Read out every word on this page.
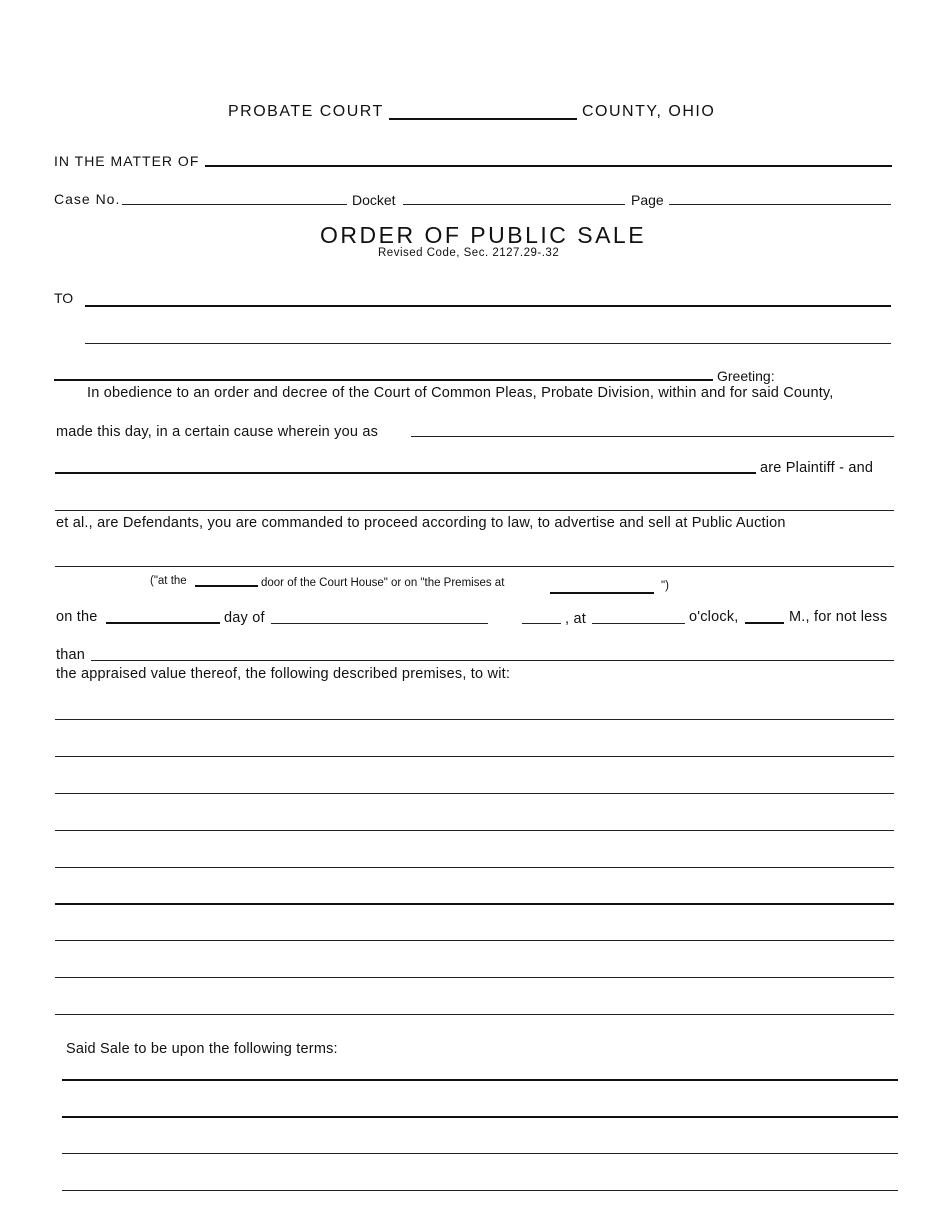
PROBATE COURT	COUNTY, OHIO
IN THE MATTER OF
Case No.	Docket	Page
ORDER OF PUBLIC SALE
Revised Code, Sec. 2127.29-.32
TO
Greeting:
In obedience to an order and decree of the Court of Common Pleas, Probate Division, within and for said County,
made this day, in a certain cause wherein you as
are Plaintiff - and
et al., are Defendants, you are commanded to proceed according to law, to advertise and sell at Public Auction
("at the	door of the Court House" or on "the Premises at	")
on the	day of	, at	o'clock,	M., for not less
than
the appraised value thereof, the following described premises, to wit:
Said Sale to be upon the following terms:
